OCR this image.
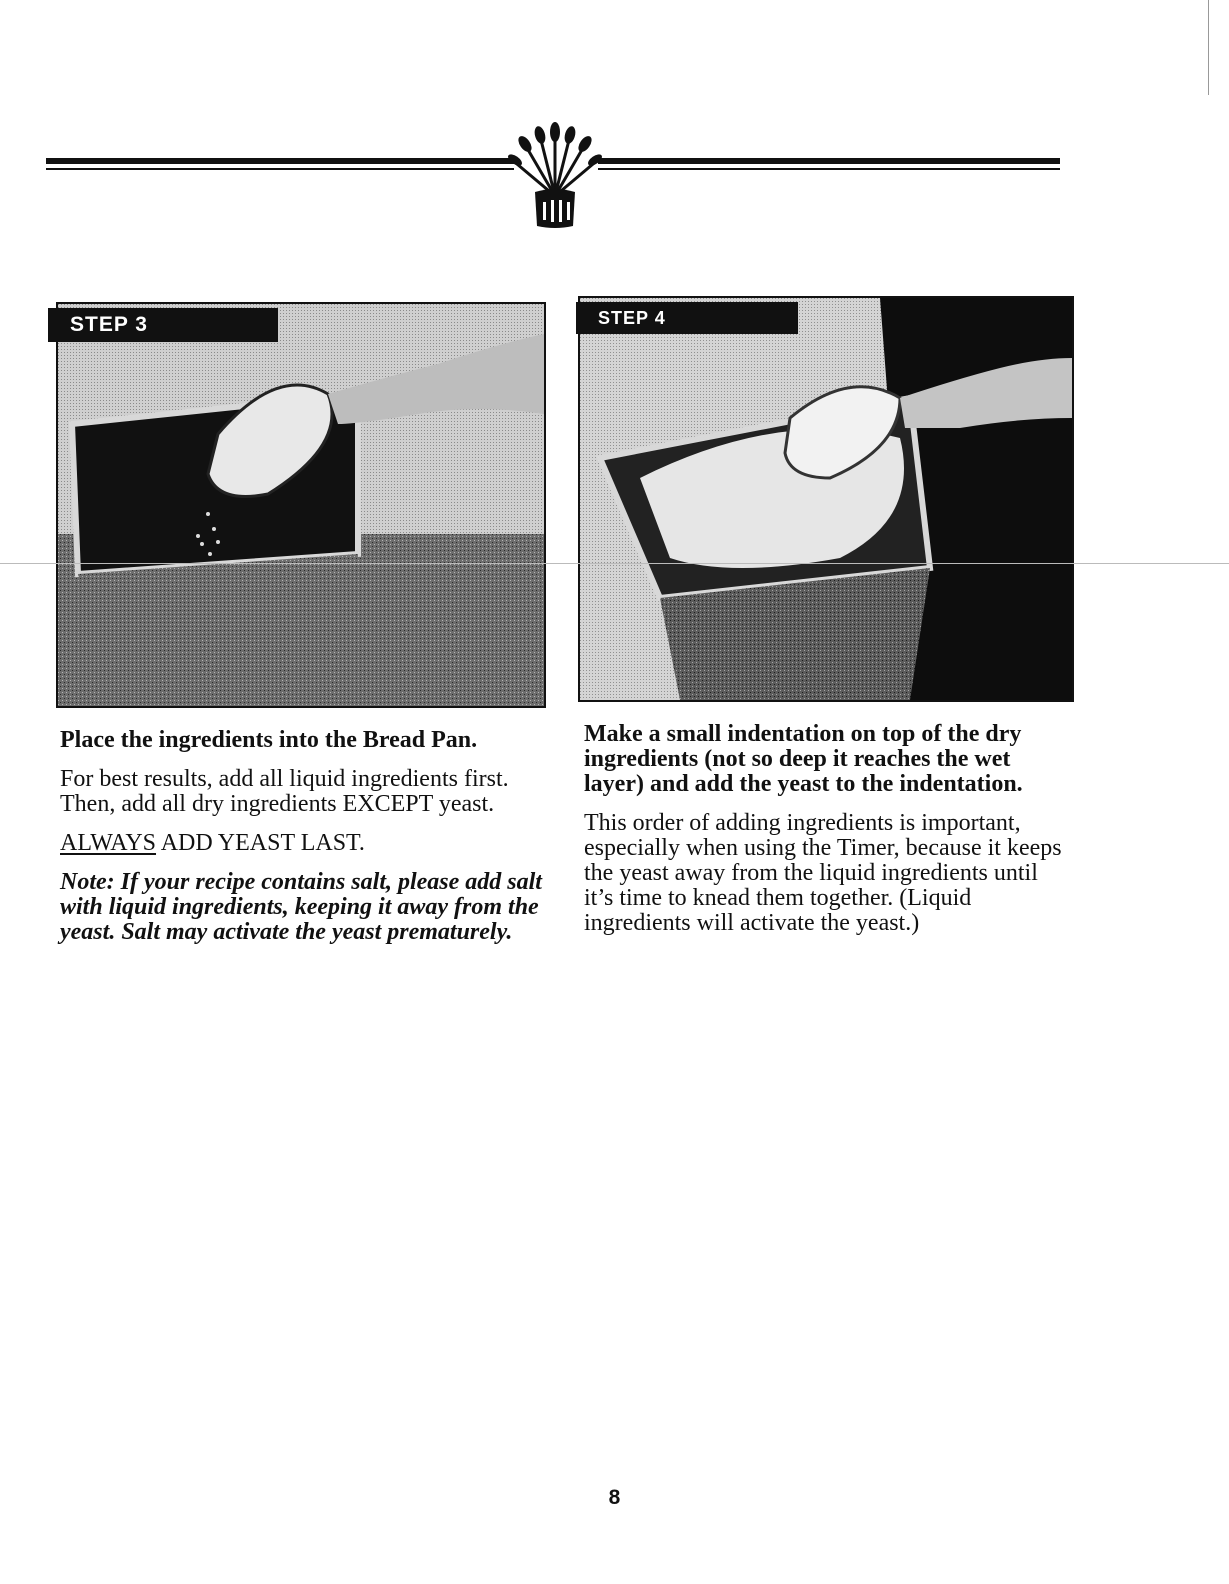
STEP 3	STEP 4

Place the ingredients into the Bread Pan.

For best results, add all liquid ingredients first. Then, add all dry ingredients EXCEPT yeast.

ALWAYS ADD YEAST LAST.

Note: If your recipe contains salt, please add salt with liquid ingredients, keeping it away from the yeast. Salt may activate the yeast prematurely.

Make a small indentation on top of the dry ingredients (not so deep it reaches the wet layer) and add the yeast to the indentation.

This order of adding ingredients is important, especially when using the Timer, because it keeps the yeast away from the liquid ingredients until it’s time to knead them together. (Liquid ingredients will activate the yeast.)

8
